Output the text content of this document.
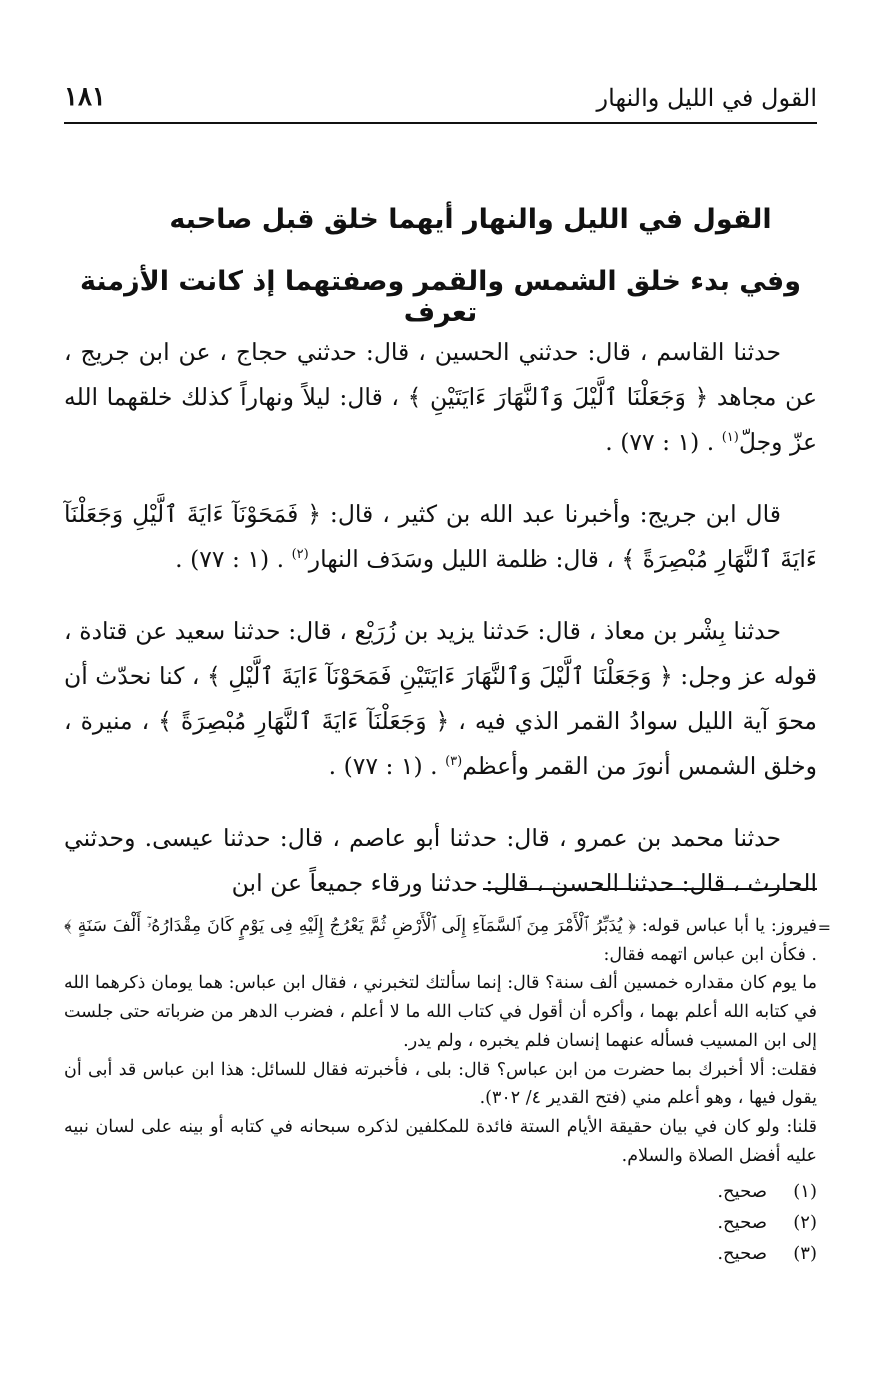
القول في الليل والنهار
١٨١
القول في الليل والنهار أيهما خلق قبل صاحبه
وفي بدء خلق الشمس والقمر وصفتهما إذ كانت الأزمنة تعرف

حدثنا القاسم ، قال: حدثني الحسين ، قال: حدثني حجاج ، عن ابن جريج ، عن مجاهد ﴿ وَجَعَلْنَا ٱلَّيْلَ وَٱلنَّهَارَ ءَايَتَيْنِ ﴾ ، قال: ليلاً ونهاراً كذلك خلقهما الله عزّ وجلّ$^{(١)}$ . (١ : ٧٧) .

قال ابن جريج: وأخبرنا عبد الله بن كثير ، قال: ﴿ فَمَحَوْنَآ ءَايَةَ ٱلَّيْلِ وَجَعَلْنَآ ءَايَةَ ٱلنَّهَارِ مُبْصِرَةً ﴾ ، قال: ظلمة الليل وسَدَف النهار$^{(٢)}$ . (١ : ٧٧) .

حدثنا بِشْر بن معاذ ، قال: حَدثنا يزيد بن زُرَيْع ، قال: حدثنا سعيد عن قتادة ، قوله عز وجل: ﴿ وَجَعَلْنَا ٱلَّيْلَ وَٱلنَّهَارَ ءَايَتَيْنِ فَمَحَوْنَآ ءَايَةَ ٱلَّيْلِ ﴾ ، كنا نحدّث أن محوَ آية الليل سوادُ القمر الذي فيه ، ﴿ وَجَعَلْنَآ ءَايَةَ ٱلنَّهَارِ مُبْصِرَةً ﴾ ، منيرة ، وخلق الشمس أنورَ من القمر وأعظم$^{(٣)}$ . (١ : ٧٧) .

حدثنا محمد بن عمرو ، قال: حدثنا أبو عاصم ، قال: حدثنا عيسى. وحدثني الحارث ، قال: حدثنا الحسن ، قال: حدثنا ورقاء جميعاً عن ابن

=

فيروز: يا أبا عباس قوله: ﴿ يُدَبِّرُ ٱلْأَمْرَ مِنَ ٱلسَّمَآءِ إِلَى ٱلْأَرْضِ ثُمَّ يَعْرُجُ إِلَيْهِ فِى يَوْمٍ كَانَ مِقْدَارُهُۥٓ أَلْفَ سَنَةٍ ﴾ . فكأن ابن عباس اتهمه فقال:

ما يوم كان مقداره خمسين ألف سنة؟ قال: إنما سألتك لتخبرني ، فقال ابن عباس: هما يومان ذكرهما الله في كتابه الله أعلم بهما ، وأكره أن أقول في كتاب الله ما لا أعلم ، فضرب الدهر من ضرباته حتى جلست إلى ابن المسيب فسأله عنهما إنسان فلم يخبره ، ولم يدر.

فقلت: ألا أخبرك بما حضرت من ابن عباس؟ قال: بلى ، فأخبرته فقال للسائل: هذا ابن عباس قد أبى أن يقول فيها ، وهو أعلم مني (فتح القدير ٤/ ٣٠٢).

قلنا: ولو كان في بيان حقيقة الأيام الستة فائدة للمكلفين لذكره سبحانه في كتابه أو بينه على لسان نبيه عليه أفضل الصلاة والسلام.

(١)صحيح.
(٢)صحيح.
(٣)صحيح.
